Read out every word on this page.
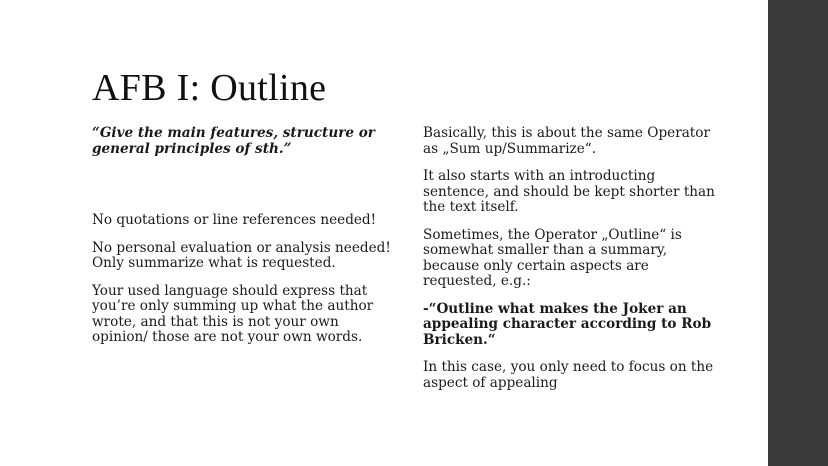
AFB I: Outline

“Give the main features, structure or general principles of sth.”

No quotations or line references needed!

No personal evaluation or analysis needed! Only summarize what is requested.

Your used language should express that you’re only summing up what the author wrote, and that this is not your own opinion/ those are not your own words.

Basically, this is about the same Operator as „Sum up/Summarize“.

It also starts with an introducting sentence, and should be kept shorter than the text itself.

Sometimes, the Operator „Outline“ is somewhat smaller than a summary, because only certain aspects are requested, e.g.:

-“Outline what makes the Joker an appealing character according to Rob Bricken.“

In this case, you only need to focus on the aspect of appealing
